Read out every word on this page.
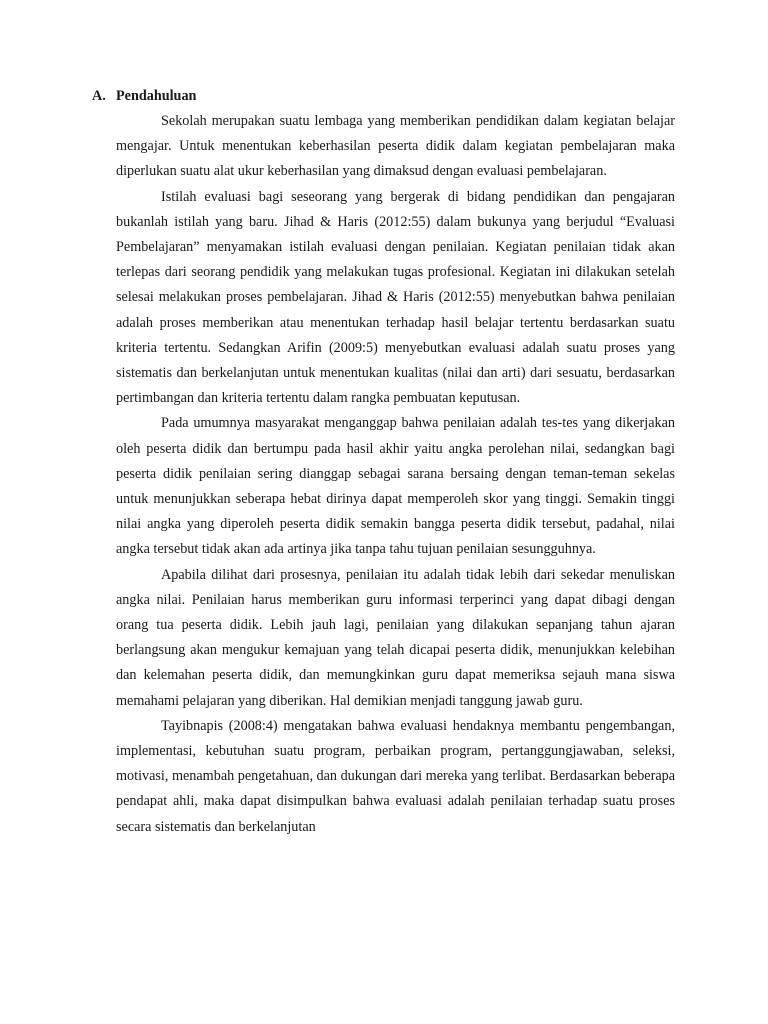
A. Pendahuluan

Sekolah merupakan suatu lembaga yang memberikan pendidikan dalam kegiatan belajar mengajar. Untuk menentukan keberhasilan peserta didik dalam kegiatan pembelajaran maka diperlukan suatu alat ukur keberhasilan yang dimaksud dengan evaluasi pembelajaran.

Istilah evaluasi bagi seseorang yang bergerak di bidang pendidikan dan pengajaran bukanlah istilah yang baru. Jihad & Haris (2012:55) dalam bukunya yang berjudul “Evaluasi Pembelajaran” menyamakan istilah evaluasi dengan penilaian. Kegiatan penilaian tidak akan terlepas dari seorang pendidik yang melakukan tugas profesional. Kegiatan ini dilakukan setelah selesai melakukan proses pembelajaran. Jihad & Haris (2012:55) menyebutkan bahwa penilaian adalah proses memberikan atau menentukan terhadap hasil belajar tertentu berdasarkan suatu kriteria tertentu. Sedangkan Arifin (2009:5) menyebutkan evaluasi adalah suatu proses yang sistematis dan berkelanjutan untuk menentukan kualitas (nilai dan arti) dari sesuatu, berdasarkan pertimbangan dan kriteria tertentu dalam rangka pembuatan keputusan.

Pada umumnya masyarakat menganggap bahwa penilaian adalah tes-tes yang dikerjakan oleh peserta didik dan bertumpu pada hasil akhir yaitu angka perolehan nilai, sedangkan bagi peserta didik penilaian sering dianggap sebagai sarana bersaing dengan teman-teman sekelas untuk menunjukkan seberapa hebat dirinya dapat memperoleh skor yang tinggi. Semakin tinggi nilai angka yang diperoleh peserta didik semakin bangga peserta didik tersebut, padahal, nilai angka tersebut tidak akan ada artinya jika tanpa tahu tujuan penilaian sesungguhnya.

Apabila dilihat dari prosesnya, penilaian itu adalah tidak lebih dari sekedar menuliskan angka nilai. Penilaian harus memberikan guru informasi terperinci yang dapat dibagi dengan orang tua peserta didik. Lebih jauh lagi, penilaian yang dilakukan sepanjang tahun ajaran berlangsung akan mengukur kemajuan yang telah dicapai peserta didik, menunjukkan kelebihan dan kelemahan peserta didik, dan memungkinkan guru dapat memeriksa sejauh mana siswa memahami pelajaran yang diberikan. Hal demikian menjadi tanggung jawab guru.

Tayibnapis (2008:4) mengatakan bahwa evaluasi hendaknya membantu pengembangan, implementasi, kebutuhan suatu program, perbaikan program, pertanggungjawaban, seleksi, motivasi, menambah pengetahuan, dan dukungan dari mereka yang terlibat. Berdasarkan beberapa pendapat ahli, maka dapat disimpulkan bahwa evaluasi adalah penilaian terhadap suatu proses secara sistematis dan berkelanjutan
